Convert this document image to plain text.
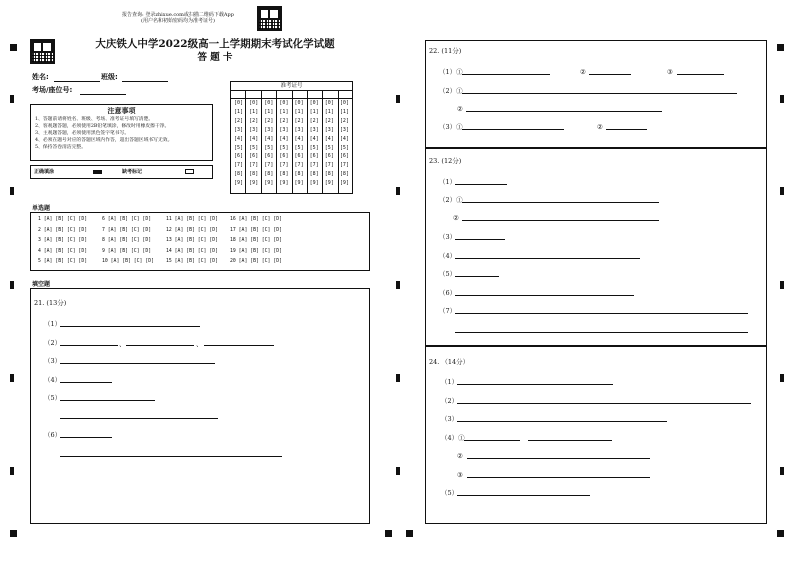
报告查询: 登录zhixue.com或扫描二维码下载App
(用户名和初始密码均为准考证号)
大庆铁人中学2022级高一上学期期末考试化学试题
答 题 卡
姓名:	班级:
考场/座位号:
注意事项
1、答题前请将姓名、班级、考场、准考证号填写清楚。
2、客观题答题，必须使用2B铅笔填涂，修改时用橡皮擦干净。
3、主观题答题，必须使用黑色签字笔书写。
4、必须在题号对应的答题区域内作答，超出答题区域书写无效。
5、保持答卷清洁完整。
正确填涂	缺考标记
准考证号
[0]	[0]	[0]	[0]	[0]	[0]	[0]	[0]
[1]	[1]	[1]	[1]	[1]	[1]	[1]	[1]
[2]	[2]	[2]	[2]	[2]	[2]	[2]	[2]
[3]	[3]	[3]	[3]	[3]	[3]	[3]	[3]
[4]	[4]	[4]	[4]	[4]	[4]	[4]	[4]
[5]	[5]	[5]	[5]	[5]	[5]	[5]	[5]
[6]	[6]	[6]	[6]	[6]	[6]	[6]	[6]
[7]	[7]	[7]	[7]	[7]	[7]	[7]	[7]
[8]	[8]	[8]	[8]	[8]	[8]	[8]	[8]
[9]	[9]	[9]	[9]	[9]	[9]	[9]	[9]
单选题
1 [A] [B] [C] [D]	6 [A] [B] [C] [D]	11 [A] [B] [C] [D]	16 [A] [B] [C] [D]
2 [A] [B] [C] [D]	7 [A] [B] [C] [D]	12 [A] [B] [C] [D]	17 [A] [B] [C] [D]
3 [A] [B] [C] [D]	8 [A] [B] [C] [D]	13 [A] [B] [C] [D]	18 [A] [B] [C] [D]
4 [A] [B] [C] [D]	9 [A] [B] [C] [D]	14 [A] [B] [C] [D]	19 [A] [B] [C] [D]
5 [A] [B] [C] [D]	10 [A] [B] [C] [D]	15 [A] [B] [C] [D]	20 [A] [B] [C] [D]
填空题
21. (13分)
（1）
（2）	、	、
（3）
（4）
（5）
（6）
22. (11分)
（1）①	②	③
（2）①
②
（3）①	②
23. (12分)
（1）
（2）①
②
（3）
（4）
（5）
（6）
（7）
24. （14分）
（1）
（2）
（3）
（4）①
②
③
（5）
